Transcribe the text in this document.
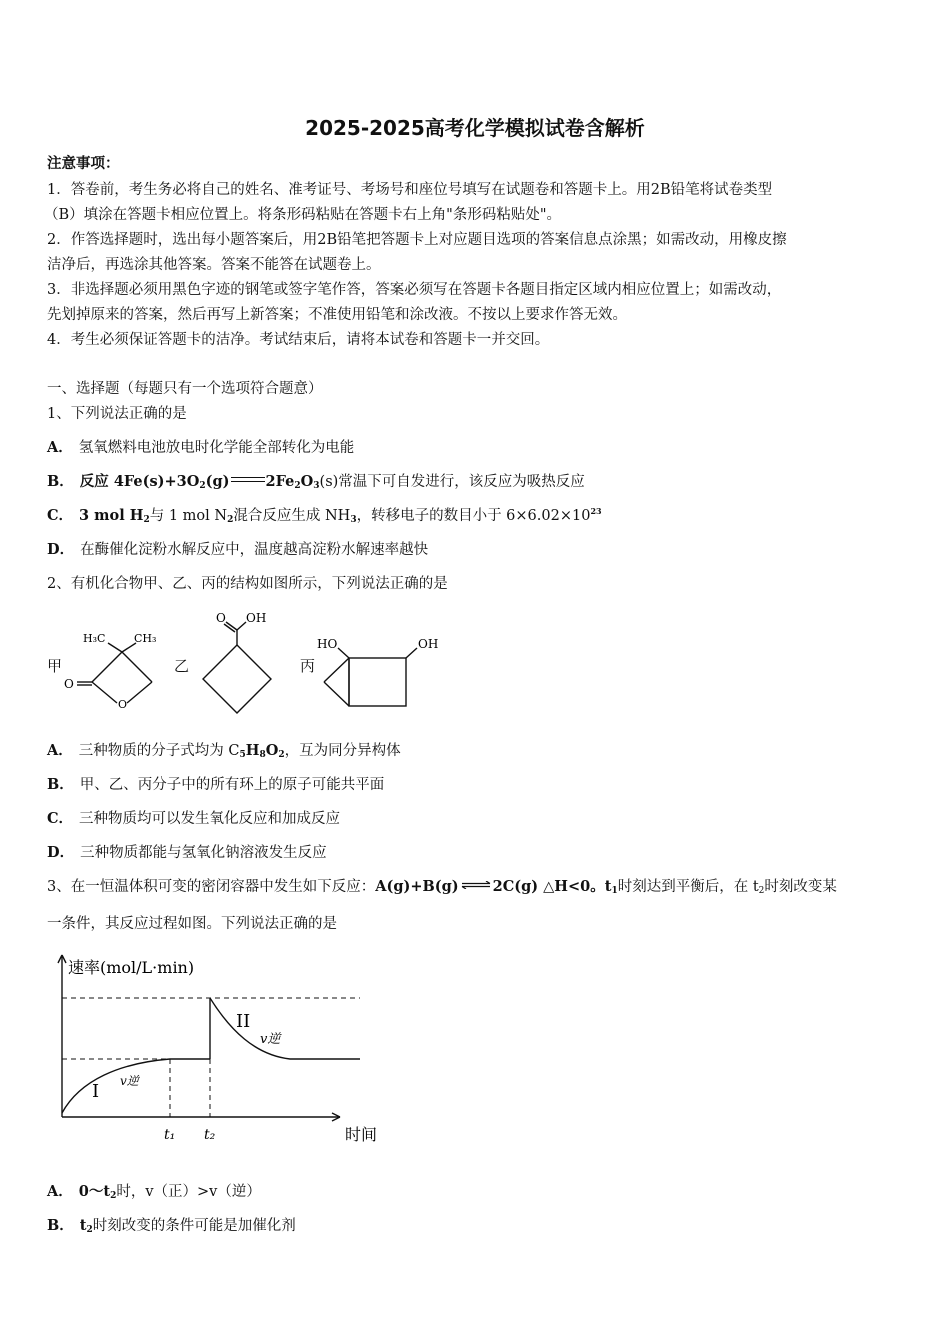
2025-2025高考化学模拟试卷含解析
注意事项：
1．答卷前，考生务必将自己的姓名、准考证号、考场号和座位号填写在试题卷和答题卡上。用2B铅笔将试卷类型
（B）填涂在答题卡相应位置上。将条形码粘贴在答题卡右上角"条形码粘贴处"。
2．作答选择题时，选出每小题答案后，用2B铅笔把答题卡上对应题目选项的答案信息点涂黑；如需改动，用橡皮擦
洁净后，再选涂其他答案。答案不能答在试题卷上。
3．非选择题必须用黑色字迹的钢笔或签字笔作答，答案必须写在答题卡各题目指定区域内相应位置上；如需改动，
先划掉原来的答案，然后再写上新答案；不准使用铅笔和涂改液。不按以上要求作答无效。
4．考生必须保证答题卡的洁净。考试结束后，请将本试卷和答题卡一并交回。
一、选择题（每题只有一个选项符合题意）
1、下列说法正确的是
A． 氢氧燃料电池放电时化学能全部转化为电能
B． 反应 $4Fe(s)+3O_2(g)$ $2Fe_2O_3(s)$常温下可自发进行，该反应为吸热反应
C． 3 mol $H_2$与 1 mol $N_2$混合反应生成 $NH_3$，转移电子的数目小于 $6\times 6.02\times 10^{23}$
D． 在酶催化淀粉水解反应中，温度越高淀粉水解速率越快
2、有机化合物甲、乙、丙的结构如图所示，下列说法正确的是
甲	乙	丙
H₃C	CH₃
O
O
O OH
HO	OH
A． 三种物质的分子式均为 $C_5H_8O_2$，互为同分异构体
B． 甲、乙、丙分子中的所有环上的原子可能共平面
C． 三种物质均可以发生氧化反应和加成反应
D． 三种物质都能与氢氧化钠溶液发生反应
3、在一恒温体积可变的密闭容器中发生如下反应：A(g)+B(g) ⇌ 2C(g) △H<0。$t_1$时刻达到平衡后，在 $t_2$时刻改变某
一条件，其反应过程如图。下列说法正确的是
速率(mol/L·min)
时间
I
II
v逆
v逆
t₁ t₂
A． $0\sim t_2$时，v（正）>v（逆）
B． $t_2$时刻改变的条件可能是加催化剂
